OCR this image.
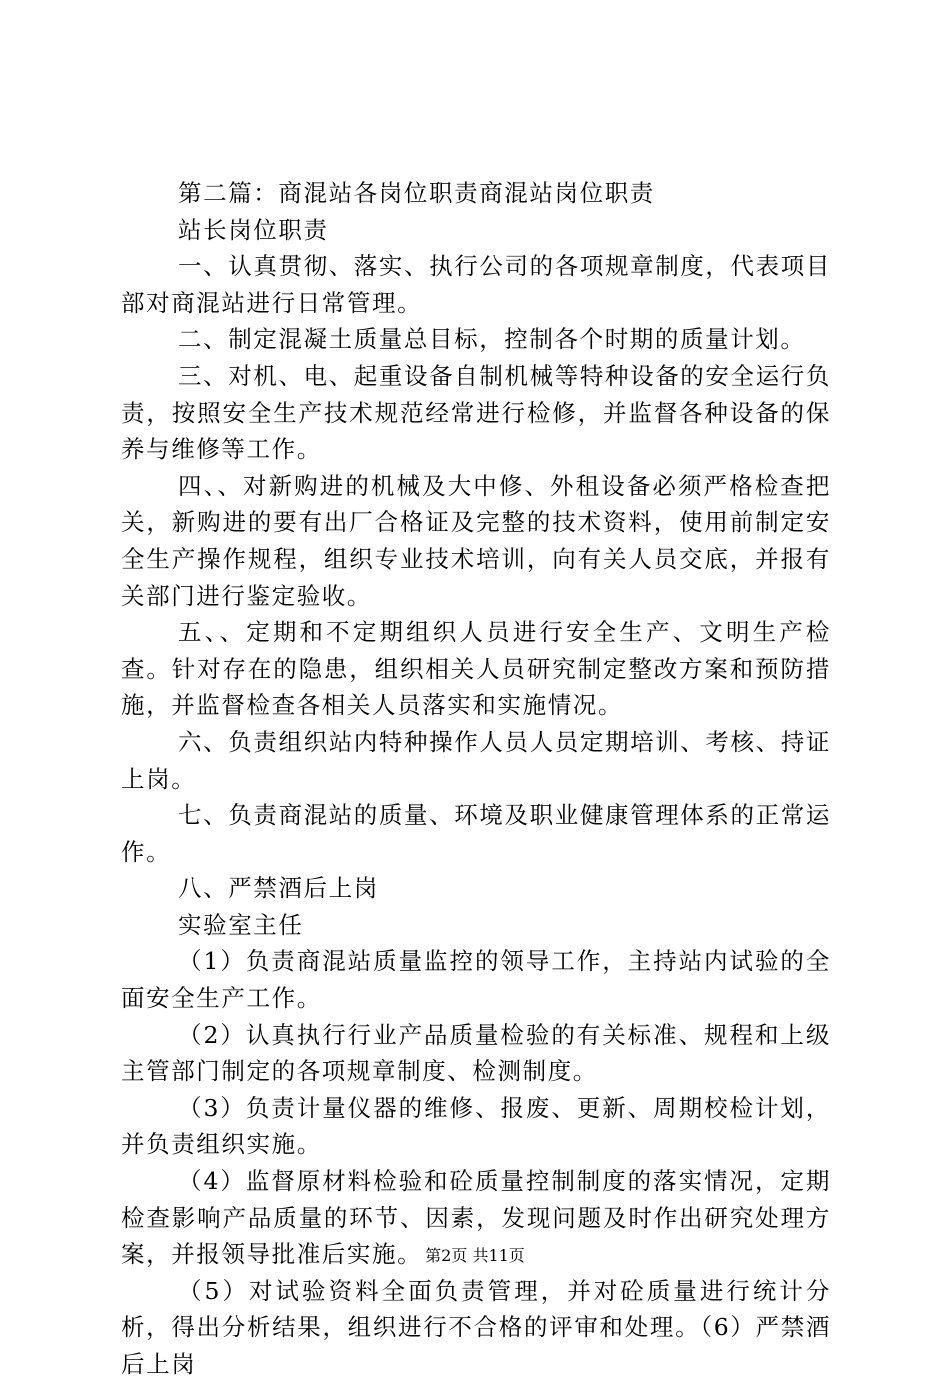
第二篇：商混站各岗位职责商混站岗位职责

站长岗位职责

一、认真贯彻、落实、执行公司的各项规章制度，代表项目部对商混站进行日常管理。

二、制定混凝土质量总目标，控制各个时期的质量计划。

三、对机、电、起重设备自制机械等特种设备的安全运行负责，按照安全生产技术规范经常进行检修，并监督各种设备的保养与维修等工作。

四、、对新购进的机械及大中修、外租设备必须严格检查把关，新购进的要有出厂合格证及完整的技术资料，使用前制定安全生产操作规程，组织专业技术培训，向有关人员交底，并报有关部门进行鉴定验收。

五、、定期和不定期组织人员进行安全生产、文明生产检查。针对存在的隐患，组织相关人员研究制定整改方案和预防措施，并监督检查各相关人员落实和实施情况。

六、负责组织站内特种操作人员人员定期培训、考核、持证上岗。

七、负责商混站的质量、环境及职业健康管理体系的正常运作。

八、严禁酒后上岗

实验室主任

（1）负责商混站质量监控的领导工作，主持站内试验的全面安全生产工作。

（2）认真执行行业产品质量检验的有关标准、规程和上级主管部门制定的各项规章制度、检测制度。

（3）负责计量仪器的维修、报废、更新、周期校检计划，并负责组织实施。

（4）监督原材料检验和砼质量控制制度的落实情况，定期检查影响产品质量的环节、因素，发现问题及时作出研究处理方案，并报领导批准后实施。

（5）对试验资料全面负责管理，并对砼质量进行统计分析，得出分析结果，组织进行不合格的评审和处理。（6）严禁酒后上岗

第2页 共11页
